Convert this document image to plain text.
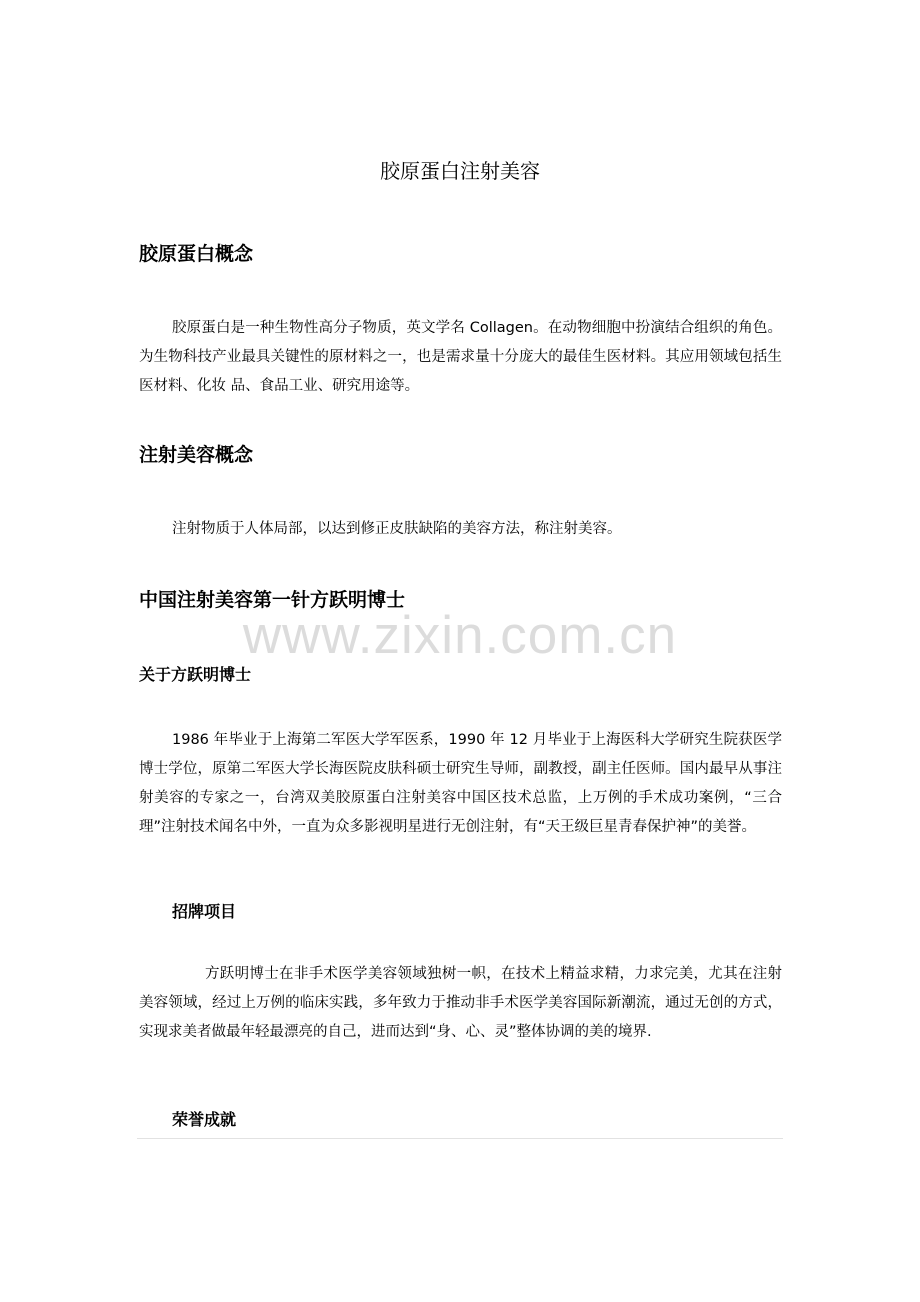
胶原蛋白注射美容
胶原蛋白概念

胶原蛋白是一种生物性高分子物质，英文学名 Collagen。在动物细胞中扮演结合组织的角色。为生物科技产业最具关键性的原材料之一，也是需求量十分庞大的最佳生医材料。其应用领域包括生医材料、化妆 品、食品工业、研究用途等。

注射美容概念

注射物质于人体局部，以达到修正皮肤缺陷的美容方法，称注射美容。

中国注射美容第一针方跃明博士
www.zixin.com.cn
关于方跃明博士

1986 年毕业于上海第二军医大学军医系，1990 年 12 月毕业于上海医科大学研究生院获医学博士学位，原第二军医大学长海医院皮肤科硕士研究生导师，副教授，副主任医师。国内最早从事注射美容的专家之一，台湾双美胶原蛋白注射美容中国区技术总监，上万例的手术成功案例，“三合理”注射技术闻名中外，一直为众多影视明星进行无创注射，有“天王级巨星青春保护神”的美誉。

招牌项目

方跃明博士在非手术医学美容领域独树一帜，在技术上精益求精，力求完美，尤其在注射美容领域，经过上万例的临床实践，多年致力于推动非手术医学美容国际新潮流，通过无创的方式，实现求美者做最年轻最漂亮的自己，进而达到“身、心、灵”整体协调的美的境界.

荣誉成就
